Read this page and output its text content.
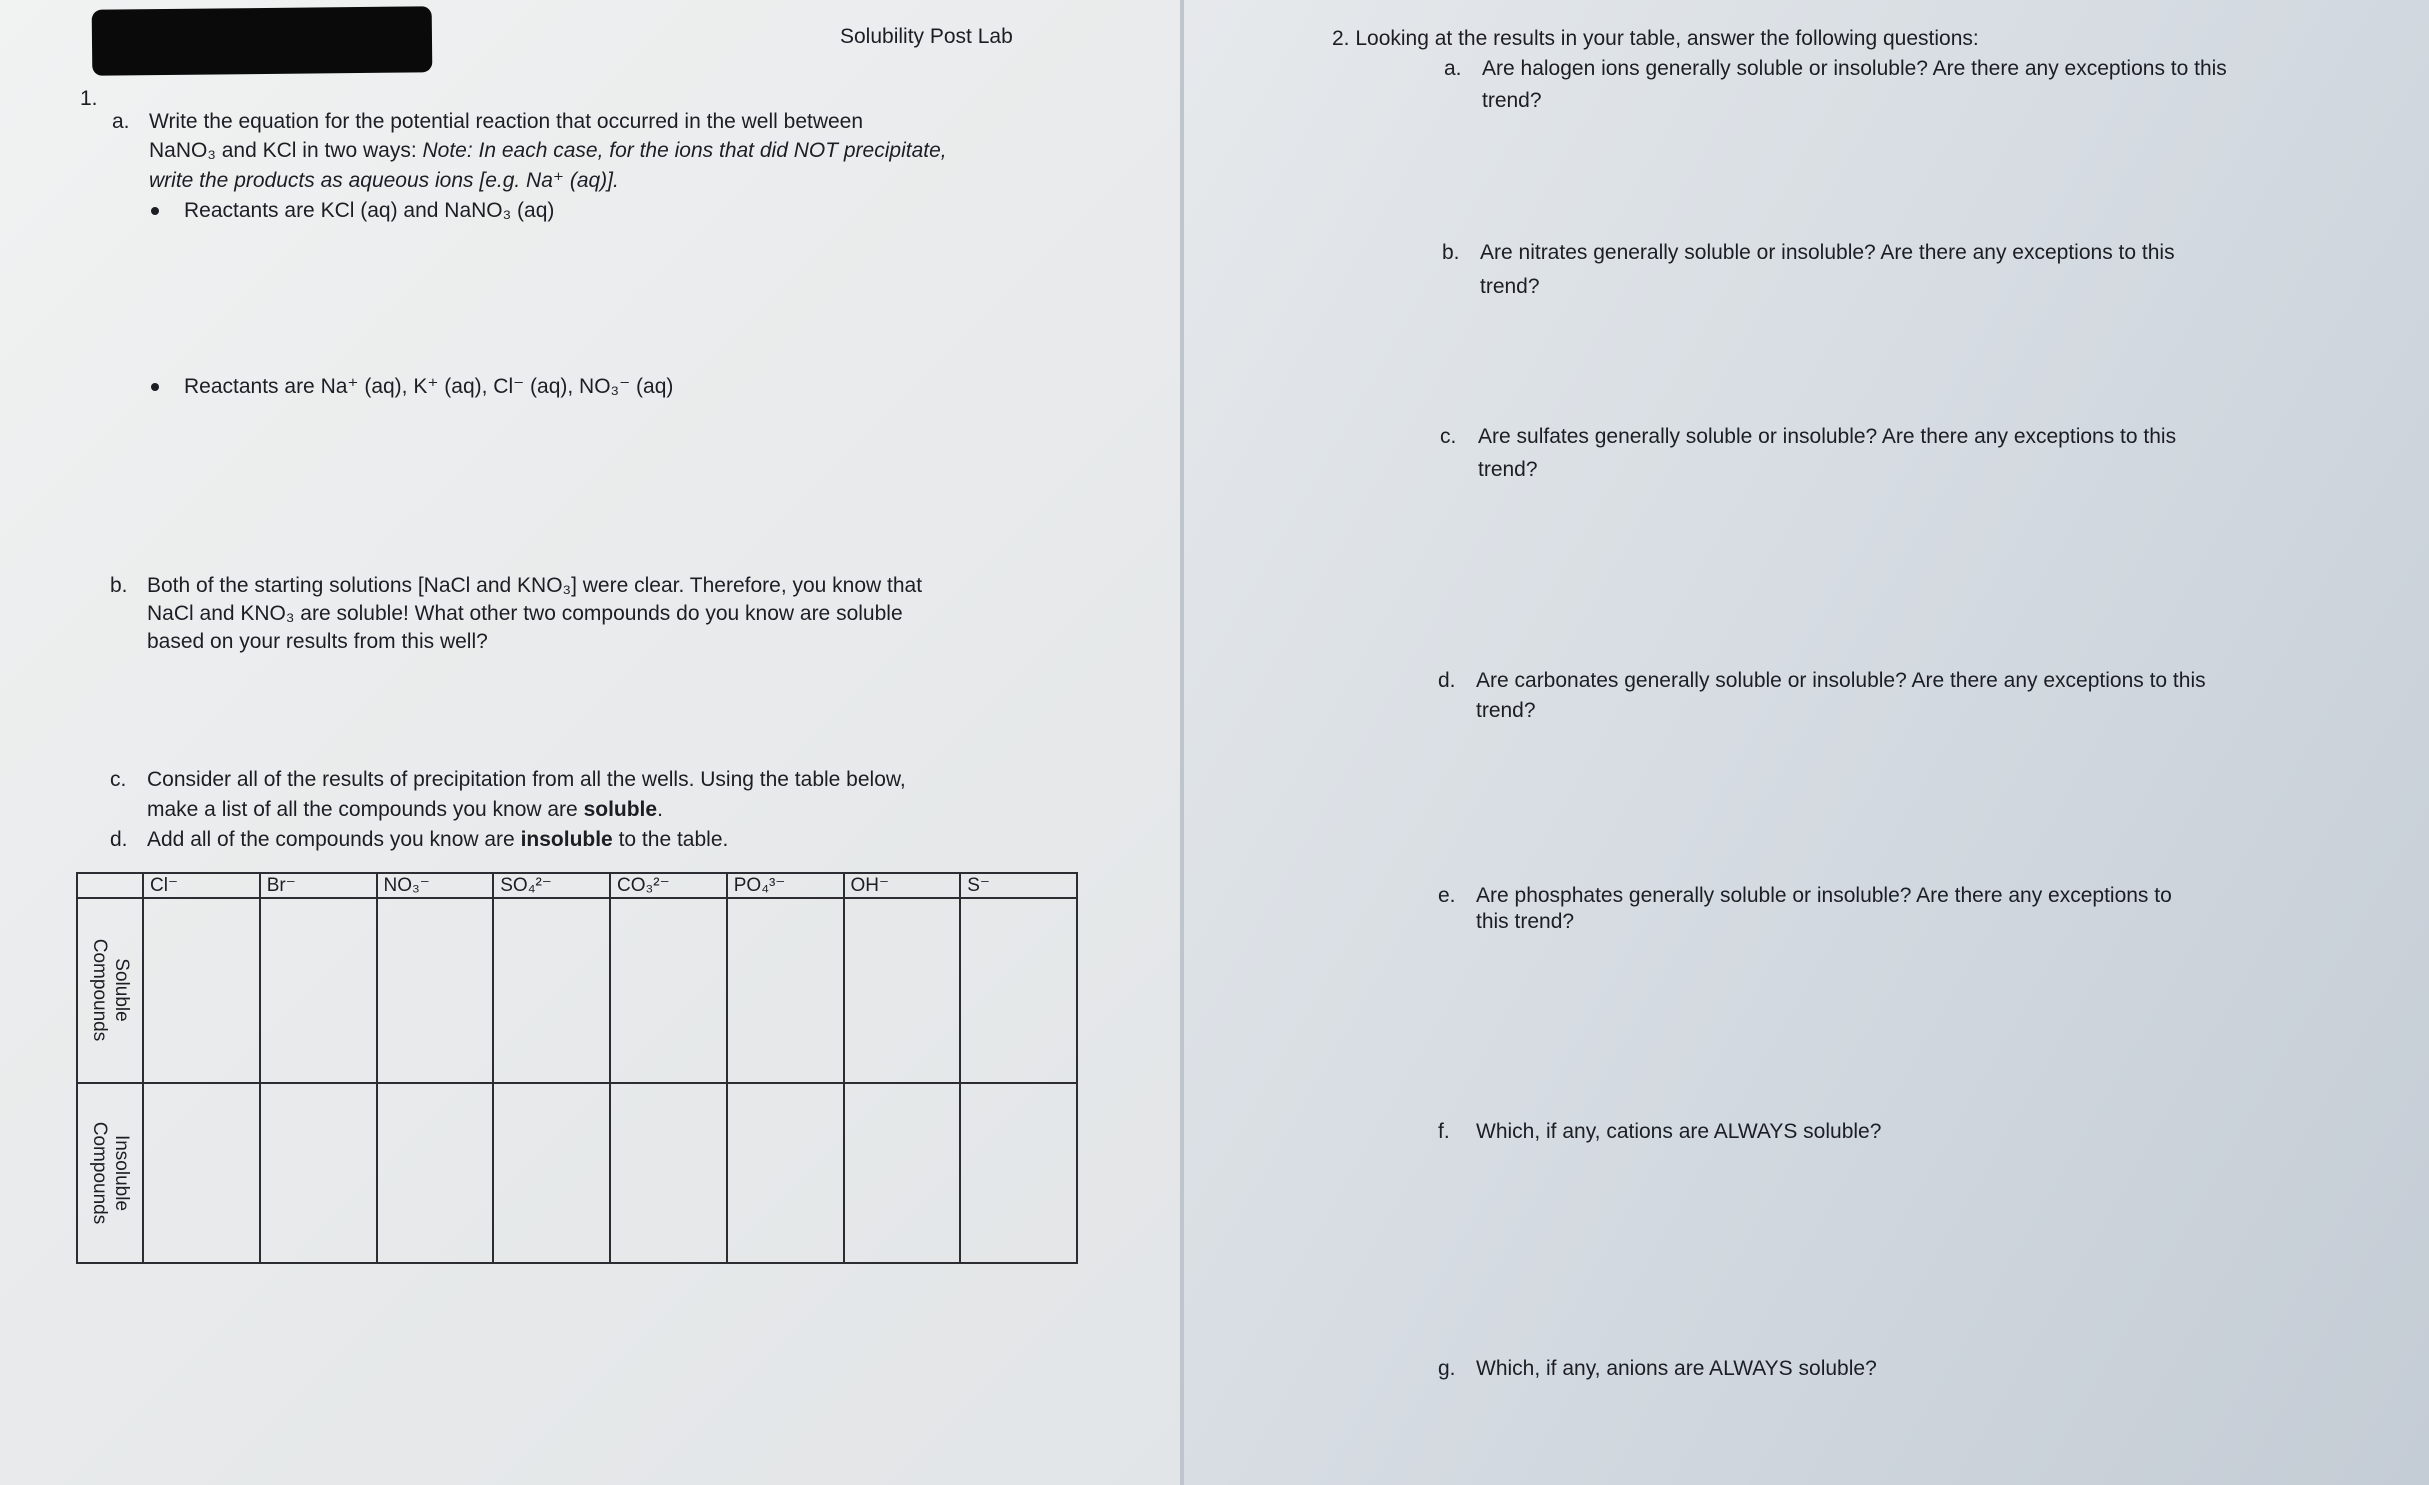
Solubility Post Lab
1.
a. Write the equation for the potential reaction that occurred in the well between
NaNO₃ and KCl in two ways: Note: In each case, for the ions that did NOT precipitate,
write the products as aqueous ions [e.g. Na⁺ (aq)].
Reactants are KCl (aq) and NaNO₃ (aq)
Reactants are Na⁺ (aq), K⁺ (aq), Cl⁻ (aq), NO₃⁻ (aq)
b. Both of the starting solutions [NaCl and KNO₃] were clear. Therefore, you know that
NaCl and KNO₃ are soluble! What other two compounds do you know are soluble
based on your results from this well?
c. Consider all of the results of precipitation from all the wells. Using the table below,
make a list of all the compounds you know are soluble.
d. Add all of the compounds you know are insoluble to the table.
	Cl⁻	Br⁻	NO₃⁻	SO₄²⁻	CO₃²⁻	PO₄³⁻	OH⁻	S⁻

Soluble
Compounds								

Insoluble
Compounds								

2. Looking at the results in your table, answer the following questions:
a. Are halogen ions generally soluble or insoluble? Are there any exceptions to this
trend?
b. Are nitrates generally soluble or insoluble? Are there any exceptions to this
trend?
c. Are sulfates generally soluble or insoluble? Are there any exceptions to this
trend?
d. Are carbonates generally soluble or insoluble? Are there any exceptions to this
trend?
e. Are phosphates generally soluble or insoluble? Are there any exceptions to
this trend?
f. Which, if any, cations are ALWAYS soluble?
g. Which, if any, anions are ALWAYS soluble?
